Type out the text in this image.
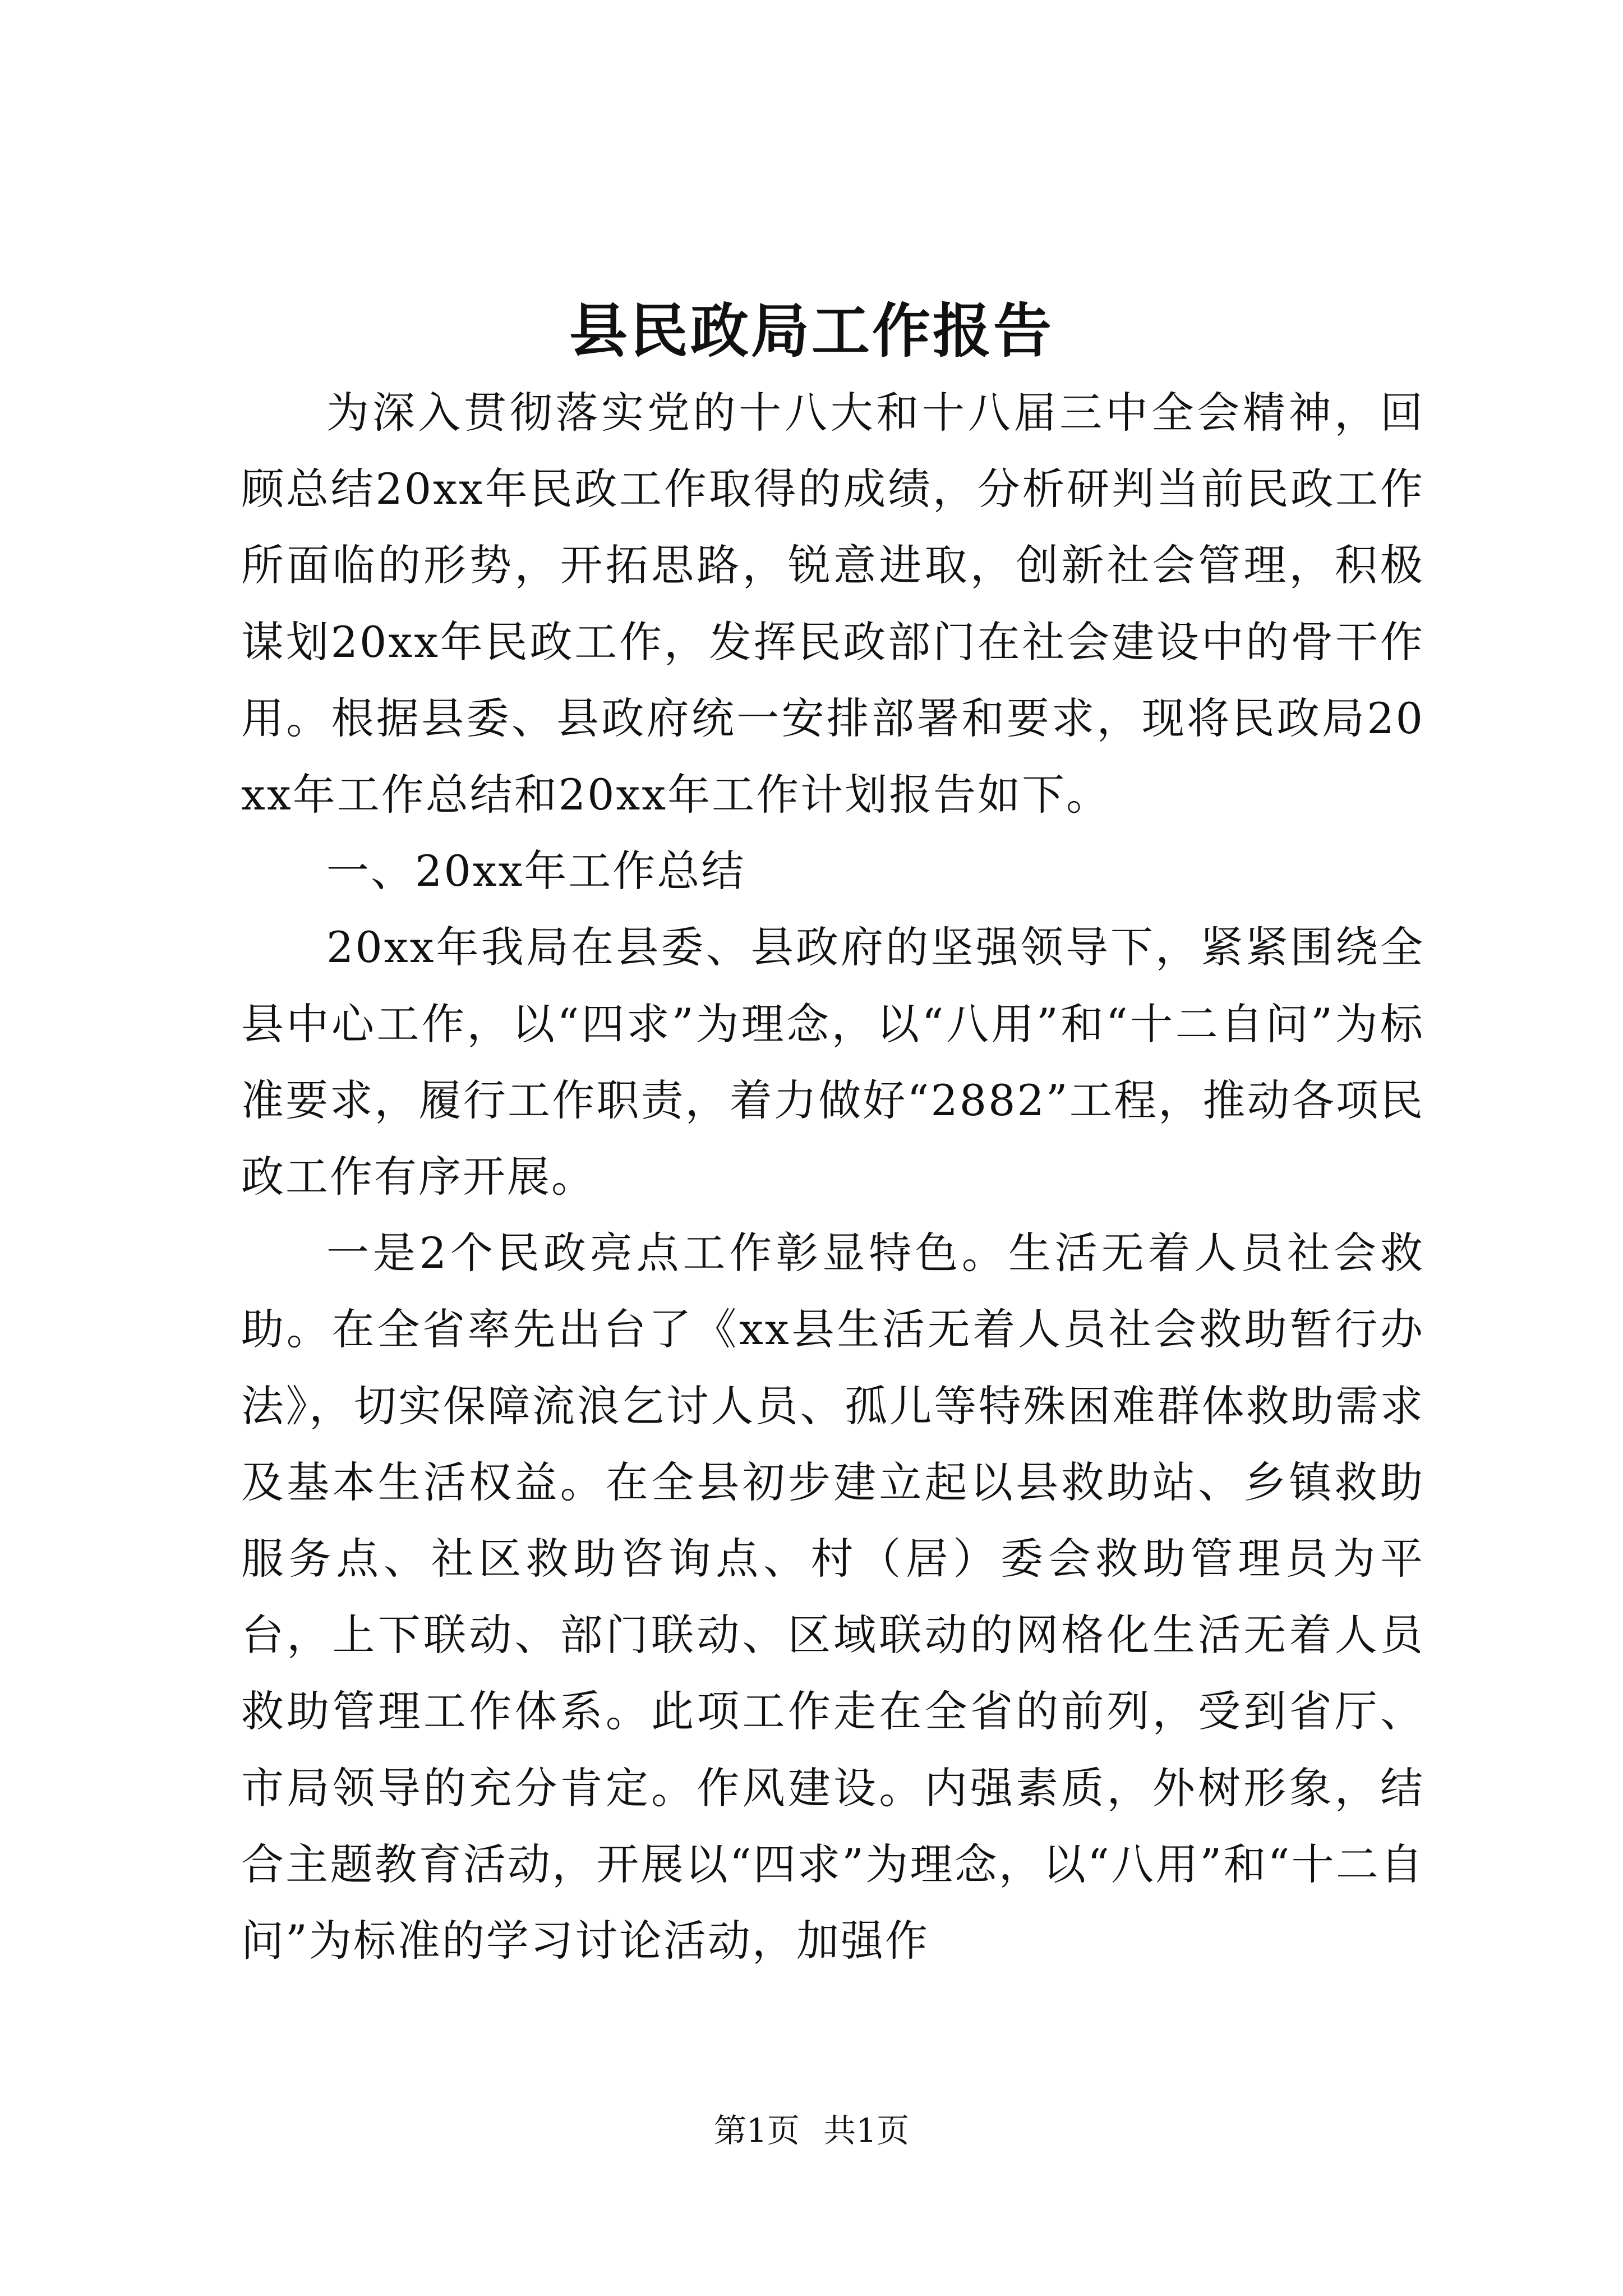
县民政局工作报告

为深入贯彻落实党的十八大和十八届三中全会精神，回顾总结20xx年民政工作取得的成绩，分析研判当前民政工作所面临的形势，开拓思路，锐意进取，创新社会管理，积极谋划20xx年民政工作，发挥民政部门在社会建设中的骨干作用。根据县委、县政府统一安排部署和要求，现将民政局20xx年工作总结和20xx年工作计划报告如下。

一、20xx年工作总结

20xx年我局在县委、县政府的坚强领导下，紧紧围绕全县中心工作，以“四求”为理念，以“八用”和“十二自问”为标准要求，履行工作职责，着力做好“2882”工程，推动各项民政工作有序开展。

一是2个民政亮点工作彰显特色。生活无着人员社会救助。在全省率先出台了《xx县生活无着人员社会救助暂行办法》，切实保障流浪乞讨人员、孤儿等特殊困难群体救助需求及基本生活权益。在全县初步建立起以县救助站、乡镇救助服务点、社区救助咨询点、村（居）委会救助管理员为平台，上下联动、部门联动、区域联动的网格化生活无着人员救助管理工作体系。此项工作走在全省的前列，受到省厅、市局领导的充分肯定。作风建设。内强素质，外树形象，结合主题教育活动，开展以“四求”为理念，以“八用”和“十二自问”为标准的学习讨论活动，加强作

第1页 共1页
